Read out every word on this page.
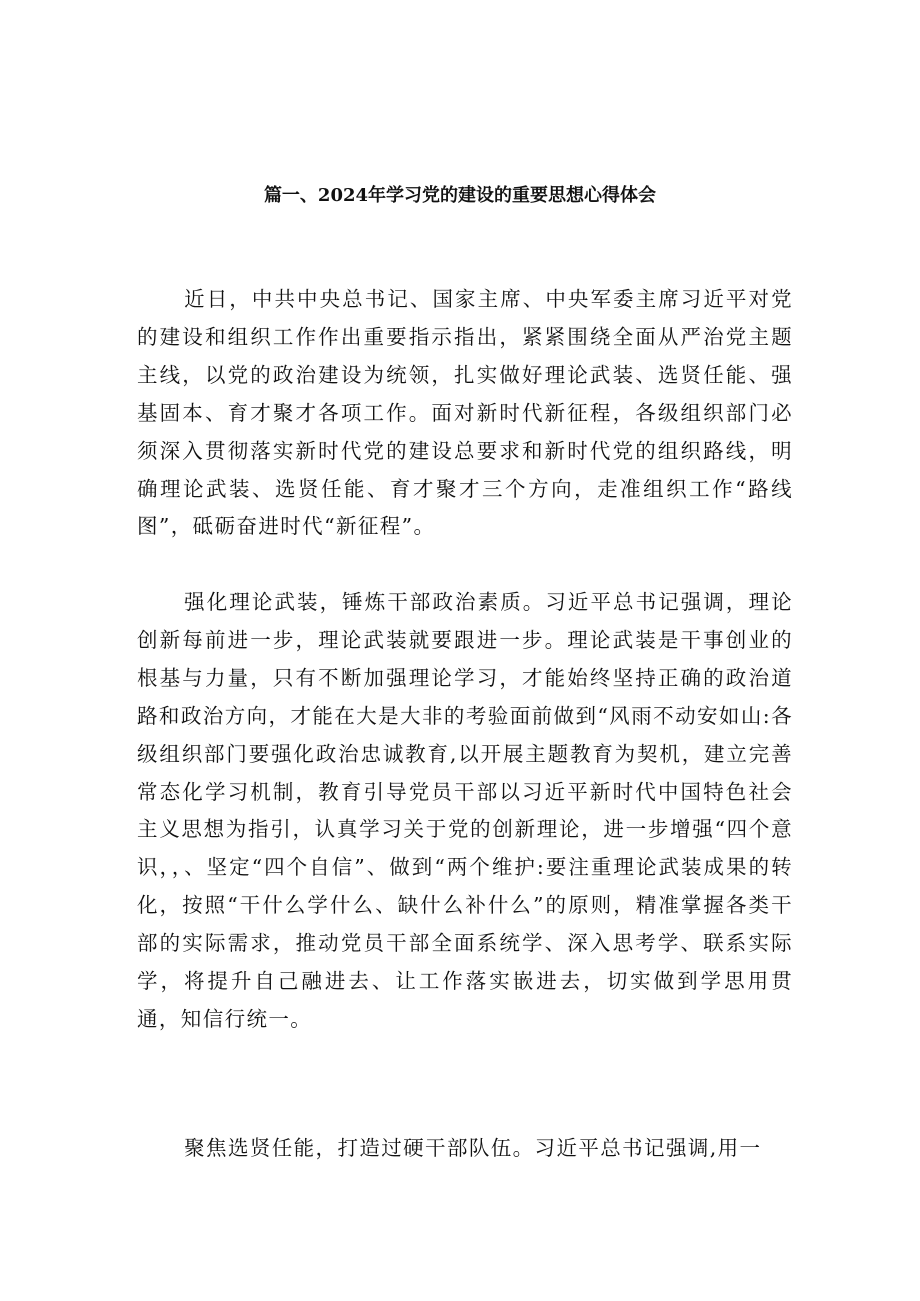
篇一、2024年学习党的建设的重要思想心得体会

近日，中共中央总书记、国家主席、中央军委主席习近平对党的建设和组织工作作出重要指示指出，紧紧围绕全面从严治党主题主线，以党的政治建设为统领，扎实做好理论武装、选贤任能、强基固本、育才聚才各项工作。面对新时代新征程，各级组织部门必须深入贯彻落实新时代党的建设总要求和新时代党的组织路线，明确理论武装、选贤任能、育才聚才三个方向，走准组织工作“路线图”，砥砺奋进时代“新征程”。

强化理论武装，锤炼干部政治素质。习近平总书记强调，理论创新每前进一步，理论武装就要跟进一步。理论武装是干事创业的根基与力量，只有不断加强理论学习，才能始终坚持正确的政治道路和政治方向，才能在大是大非的考验面前做到“风雨不动安如山:各级组织部门要强化政治忠诚教育,以开展主题教育为契机，建立完善常态化学习机制，教育引导党员干部以习近平新时代中国特色社会主义思想为指引，认真学习关于党的创新理论，进一步增强“四个意识，，、坚定“四个自信”、做到“两个维护:要注重理论武装成果的转化，按照“干什么学什么、缺什么补什么”的原则，精准掌握各类干部的实际需求，推动党员干部全面系统学、深入思考学、联系实际学，将提升自己融进去、让工作落实嵌进去，切实做到学思用贯通，知信行统一。

聚焦选贤任能，打造过硬干部队伍。习近平总书记强调,用一
